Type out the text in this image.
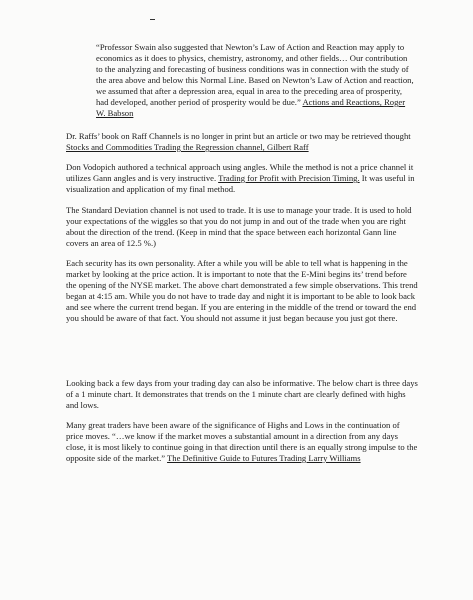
“Professor Swain also suggested that Newton’s Law of Action and Reaction may apply to economics as it does to physics, chemistry, astronomy, and other fields… Our contribution to the analyzing and forecasting of business conditions was in connection with the study of the area above and below this Normal Line. Based on Newton’s Law of Action and reaction, we assumed that after a depression area, equal in area to the preceding area of prosperity, had developed, another period of prosperity would be due.” Actions and Reactions, Roger W. Babson

Dr. Raffs’ book on Raff Channels is no longer in print but an article or two may be retrieved thought Stocks and Commodities Trading the Regression channel, Gilbert Raff

Don Vodopich authored a technical approach using angles. While the method is not a price channel it utilizes Gann angles and is very instructive. Trading for Profit with Precision Timing. It was useful in visualization and application of my final method.

The Standard Deviation channel is not used to trade. It is use to manage your trade. It is used to hold your expectations of the wiggles so that you do not jump in and out of the trade when you are right about the direction of the trend. (Keep in mind that the space between each horizontal Gann line covers an area of 12.5 %.)

Each security has its own personality. After a while you will be able to tell what is happening in the market by looking at the price action. It is important to note that the E-Mini begins its’ trend before the opening of the NYSE market. The above chart demonstrated a few simple observations. This trend began at 4:15 am. While you do not have to trade day and night it is important to be able to look back and see where the current trend began. If you are entering in the middle of the trend or toward the end you should be aware of that fact. You should not assume it just began because you just got there.

Looking back a few days from your trading day can also be informative. The below chart is three days of a 1 minute chart. It demonstrates that trends on the 1 minute chart are clearly defined with highs and lows.

Many great traders have been aware of the significance of Highs and Lows in the continuation of price moves. “…we know if the market moves a substantial amount in a direction from any days close, it is most likely to continue going in that direction until there is an equally strong impulse to the opposite side of the market.” The Definitive Guide to Futures Trading Larry Williams
